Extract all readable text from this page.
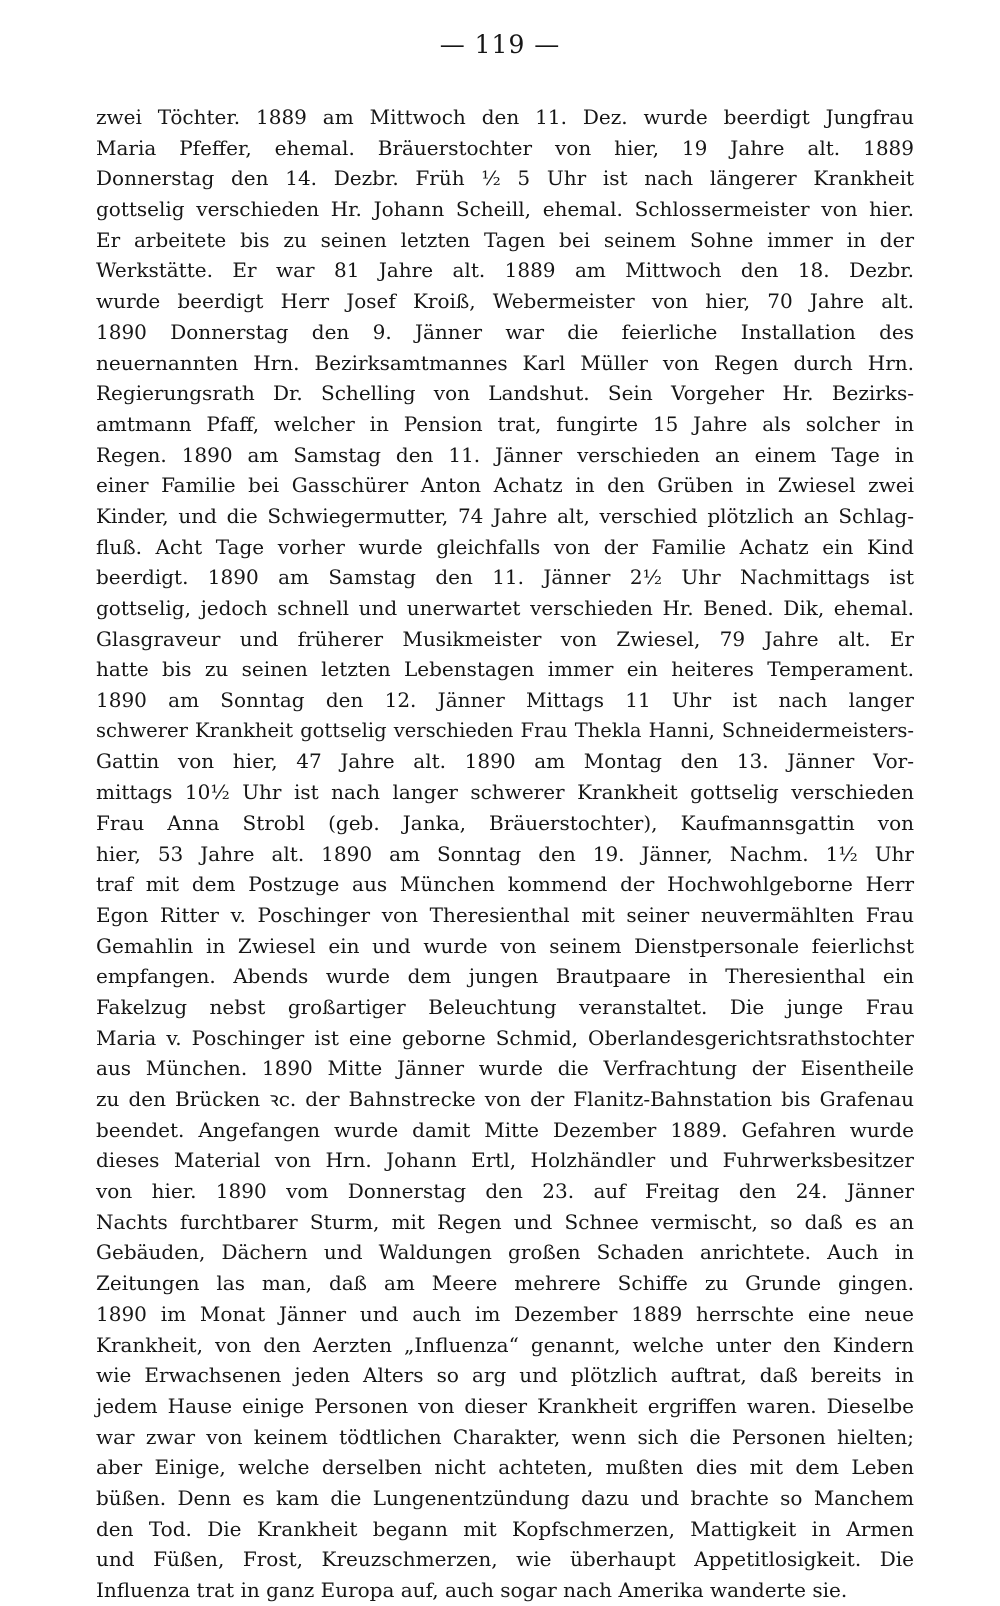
— 119 —
zwei Töchter. 1889 am Mittwoch den 11. Dez. wurde beerdigt Jungfrau
Maria Pfeffer, ehemal. Bräuerstochter von hier, 19 Jahre alt. 1889
Donnerstag den 14. Dezbr. Früh ½ 5 Uhr ist nach längerer Krankheit
gottselig verschieden Hr. Johann Scheill, ehemal. Schlossermeister von hier.
Er arbeitete bis zu seinen letzten Tagen bei seinem Sohne immer in der
Werkstätte. Er war 81 Jahre alt. 1889 am Mittwoch den 18. Dezbr.
wurde beerdigt Herr Josef Kroiß, Webermeister von hier, 70 Jahre alt.
1890 Donnerstag den 9. Jänner war die feierliche Installation des
neuernannten Hrn. Bezirksamtmannes Karl Müller von Regen durch Hrn.
Regierungsrath Dr. Schelling von Landshut. Sein Vorgeher Hr. Bezirks-
amtmann Pfaff, welcher in Pension trat, fungirte 15 Jahre als solcher in
Regen. 1890 am Samstag den 11. Jänner verschieden an einem Tage in
einer Familie bei Gasschürer Anton Achatz in den Grüben in Zwiesel zwei
Kinder, und die Schwiegermutter, 74 Jahre alt, verschied plötzlich an Schlag-
fluß. Acht Tage vorher wurde gleichfalls von der Familie Achatz ein Kind
beerdigt. 1890 am Samstag den 11. Jänner 2½ Uhr Nachmittags ist
gottselig, jedoch schnell und unerwartet verschieden Hr. Bened. Dik, ehemal.
Glasgraveur und früherer Musikmeister von Zwiesel, 79 Jahre alt. Er
hatte bis zu seinen letzten Lebenstagen immer ein heiteres Temperament.
1890 am Sonntag den 12. Jänner Mittags 11 Uhr ist nach langer
schwerer Krankheit gottselig verschieden Frau Thekla Hanni, Schneidermeisters-
Gattin von hier, 47 Jahre alt. 1890 am Montag den 13. Jänner Vor-
mittags 10½ Uhr ist nach langer schwerer Krankheit gottselig verschieden
Frau Anna Strobl (geb. Janka, Bräuerstochter), Kaufmannsgattin von
hier, 53 Jahre alt. 1890 am Sonntag den 19. Jänner, Nachm. 1½ Uhr
traf mit dem Postzuge aus München kommend der Hochwohlgeborne Herr
Egon Ritter v. Poschinger von Theresienthal mit seiner neuvermählten Frau
Gemahlin in Zwiesel ein und wurde von seinem Dienstpersonale feierlichst
empfangen. Abends wurde dem jungen Brautpaare in Theresienthal ein
Fakelzug nebst großartiger Beleuchtung veranstaltet. Die junge Frau
Maria v. Poschinger ist eine geborne Schmid, Oberlandesgerichtsrathstochter
aus München. 1890 Mitte Jänner wurde die Verfrachtung der Eisentheile
zu den Brücken ꝛc. der Bahnstrecke von der Flanitz-Bahnstation bis Grafenau
beendet. Angefangen wurde damit Mitte Dezember 1889. Gefahren wurde
dieses Material von Hrn. Johann Ertl, Holzhändler und Fuhrwerksbesitzer
von hier. 1890 vom Donnerstag den 23. auf Freitag den 24. Jänner
Nachts furchtbarer Sturm, mit Regen und Schnee vermischt, so daß es an
Gebäuden, Dächern und Waldungen großen Schaden anrichtete. Auch in
Zeitungen las man, daß am Meere mehrere Schiffe zu Grunde gingen.
1890 im Monat Jänner und auch im Dezember 1889 herrschte eine neue
Krankheit, von den Aerzten „Influenza“ genannt, welche unter den Kindern
wie Erwachsenen jeden Alters so arg und plötzlich auftrat, daß bereits in
jedem Hause einige Personen von dieser Krankheit ergriffen waren. Dieselbe
war zwar von keinem tödtlichen Charakter, wenn sich die Personen hielten;
aber Einige, welche derselben nicht achteten, mußten dies mit dem Leben
büßen. Denn es kam die Lungenentzündung dazu und brachte so Manchem
den Tod. Die Krankheit begann mit Kopfschmerzen, Mattigkeit in Armen
und Füßen, Frost, Kreuzschmerzen, wie überhaupt Appetitlosigkeit. Die
Influenza trat in ganz Europa auf, auch sogar nach Amerika wanderte sie.
